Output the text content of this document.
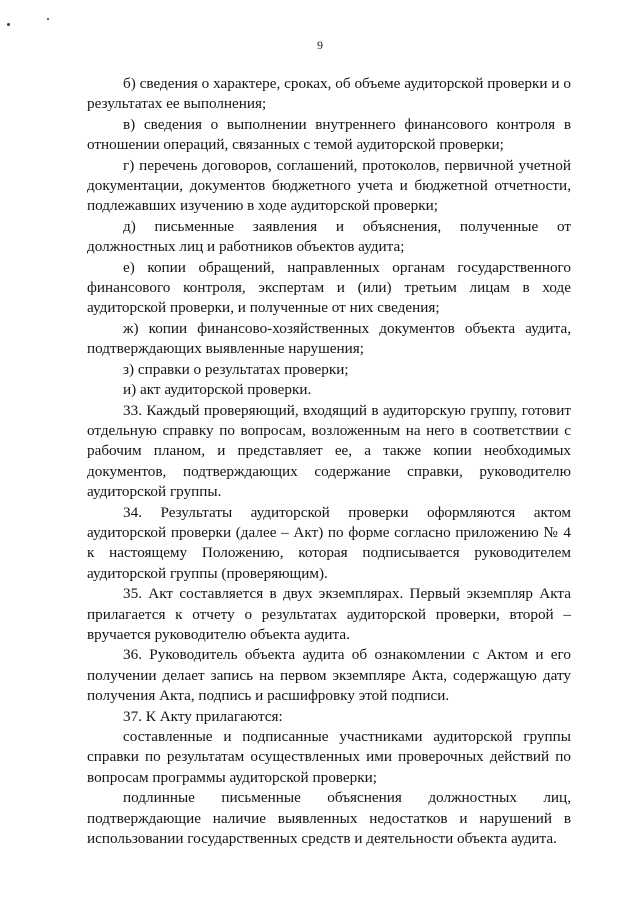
9

б) сведения о характере, сроках, об объеме аудиторской проверки и о результатах ее выполнения;

в) сведения о выполнении внутреннего финансового контроля в отношении операций, связанных с темой аудиторской проверки;

г) перечень договоров, соглашений, протоколов, первичной учетной документации, документов бюджетного учета и бюджетной отчетности, подлежавших изучению в ходе аудиторской проверки;

д) письменные заявления и объяснения, полученные от должностных лиц и работников объектов аудита;

е) копии обращений, направленных органам государственного финансового контроля, экспертам и (или) третьим лицам в ходе аудиторской проверки, и полученные от них сведения;

ж) копии финансово-хозяйственных документов объекта аудита, подтверждающих выявленные нарушения;

з) справки о результатах проверки;

и) акт аудиторской проверки.

33. Каждый проверяющий, входящий в аудиторскую группу, готовит отдельную справку по вопросам, возложенным на него в соответствии с рабочим планом, и представляет ее, а также копии необходимых документов, подтверждающих содержание справки, руководителю аудиторской группы.

34. Результаты аудиторской проверки оформляются актом аудиторской проверки (далее – Акт) по форме согласно приложению № 4 к настоящему Положению, которая подписывается руководителем аудиторской группы (проверяющим).

35. Акт составляется в двух экземплярах. Первый экземпляр Акта прилагается к отчету о результатах аудиторской проверки, второй – вручается руководителю объекта аудита.

36. Руководитель объекта аудита об ознакомлении с Актом и его получении делает запись на первом экземпляре Акта, содержащую дату получения Акта, подпись и расшифровку этой подписи.

37. К Акту прилагаются:

составленные и подписанные участниками аудиторской группы справки по результатам осуществленных ими проверочных действий по вопросам программы аудиторской проверки;

подлинные письменные объяснения должностных лиц, подтверждающие наличие выявленных недостатков и нарушений в использовании государственных средств и деятельности объекта аудита.
